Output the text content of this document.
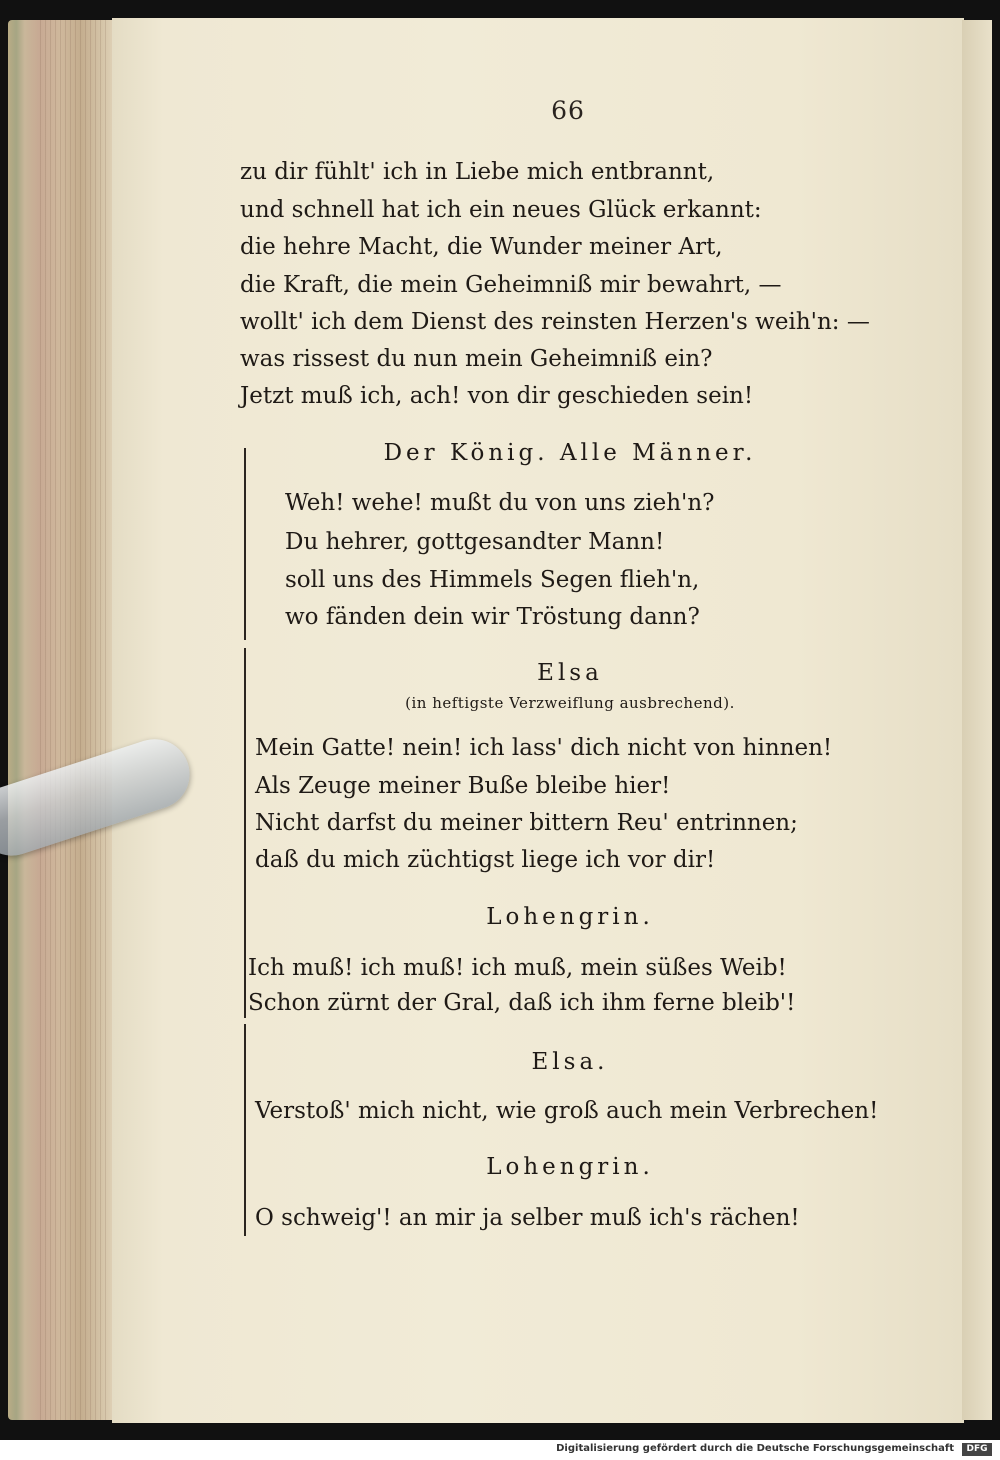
66
zu dir fühlt' ich in Liebe mich entbrannt,
und schnell hat ich ein neues Glück erkannt:
die hehre Macht, die Wunder meiner Art,
die Kraft, die mein Geheimniß mir bewahrt, —
wollt' ich dem Dienst des reinsten Herzen's weih'n: —
was rissest du nun mein Geheimniß ein?
Jetzt muß ich, ach! von dir geschieden sein!
Der König. Alle Männer.
Weh! wehe! mußt du von uns zieh'n?
Du hehrer, gottgesandter Mann!
soll uns des Himmels Segen flieh'n,
wo fänden dein wir Tröstung dann?
Elsa
(in heftigste Verzweiflung ausbrechend).
Mein Gatte! nein! ich lass' dich nicht von hinnen!
Als Zeuge meiner Buße bleibe hier!
Nicht darfst du meiner bittern Reu' entrinnen;
daß du mich züchtigst liege ich vor dir!
Lohengrin.
Ich muß! ich muß! ich muß, mein süßes Weib!
Schon zürnt der Gral, daß ich ihm ferne bleib'!
Elsa.
Verstoß' mich nicht, wie groß auch mein Verbrechen!
Lohengrin.
O schweig'! an mir ja selber muß ich's rächen!
Digitalisierung gefördert durch die Deutsche Forschungsgemeinschaft	DFG
